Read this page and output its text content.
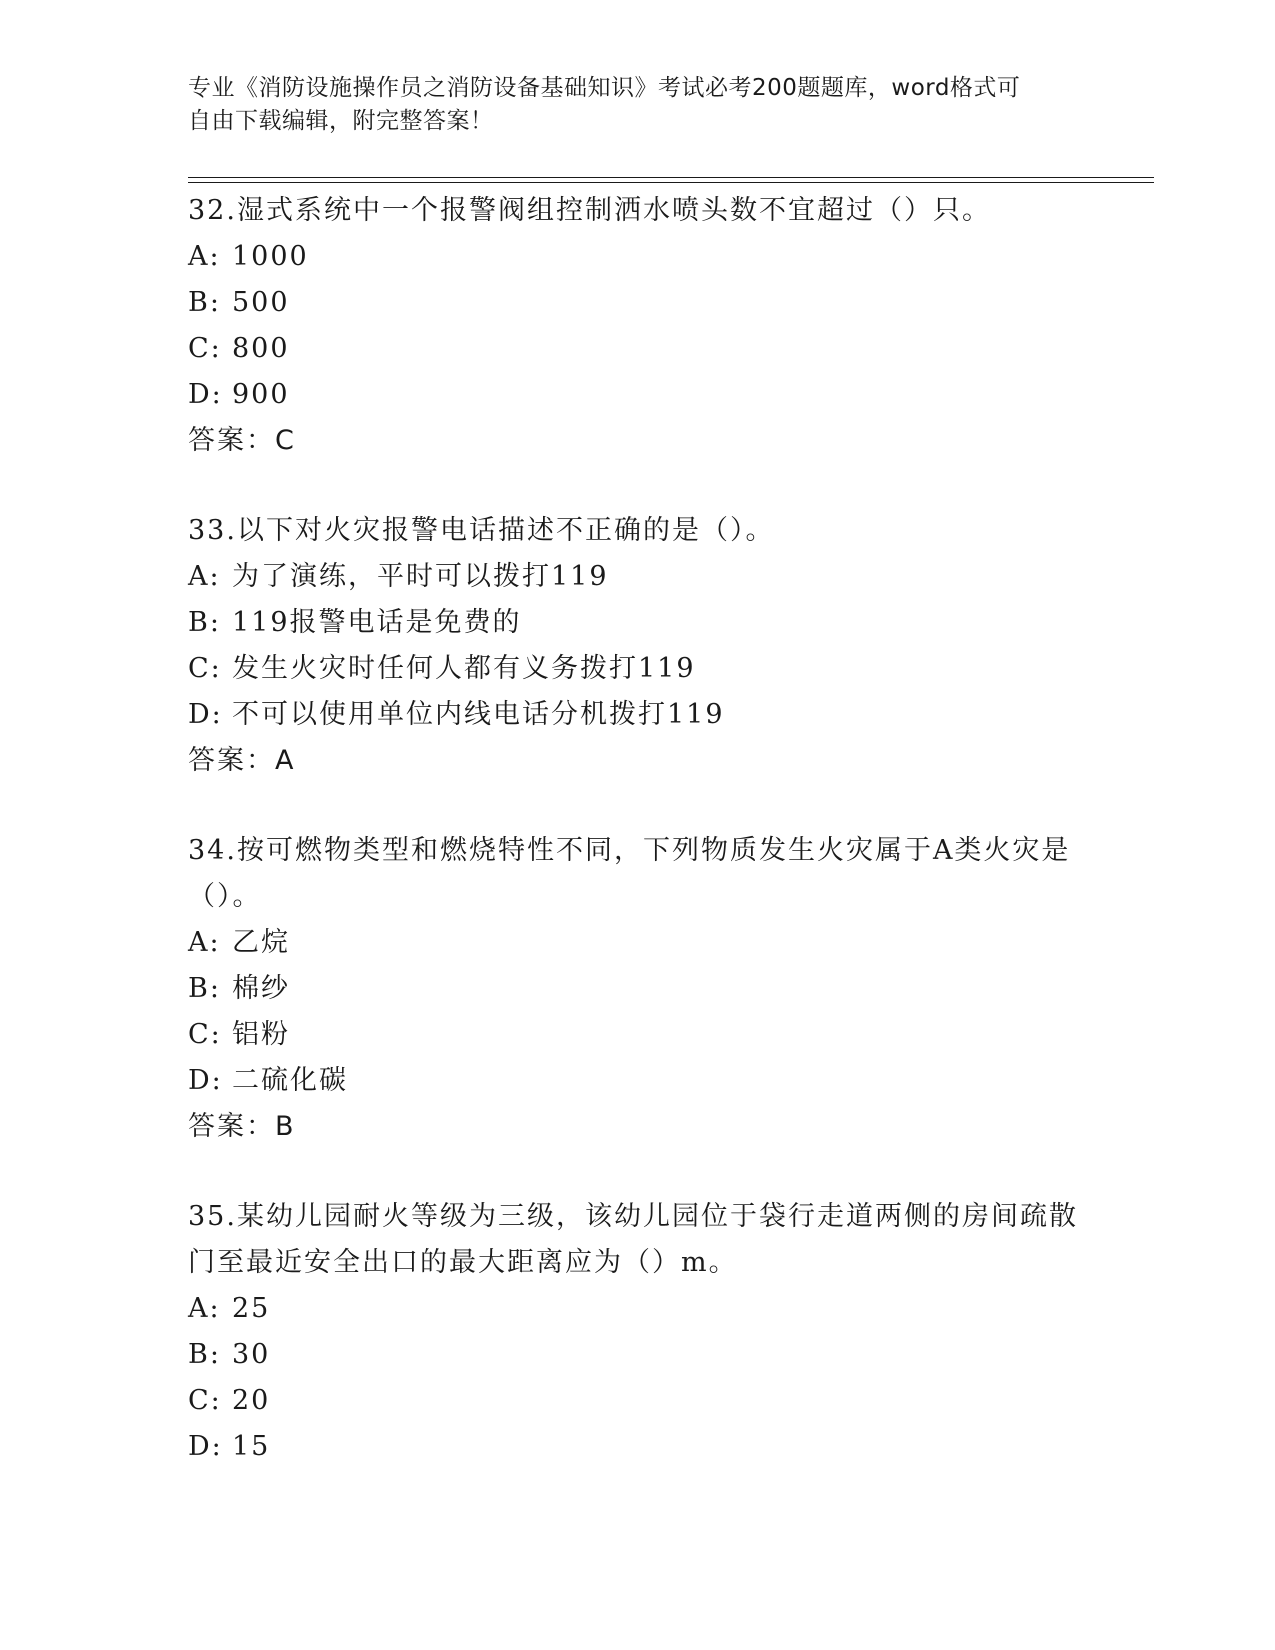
专业《消防设施操作员之消防设备基础知识》考试必考200题题库，word格式可

自由下载编辑，附完整答案！

32.湿式系统中一个报警阀组控制洒水喷头数不宜超过（）只。

A: 1000

B: 500

C: 800

D: 900

答案：C

33.以下对火灾报警电话描述不正确的是（）。

A: 为了演练，平时可以拨打119

B: 119报警电话是免费的

C: 发生火灾时任何人都有义务拨打119

D: 不可以使用单位内线电话分机拨打119

答案：A

34.按可燃物类型和燃烧特性不同，下列物质发生火灾属于A类火灾是（）。

A: 乙烷

B: 棉纱

C: 铝粉

D: 二硫化碳

答案：B

35.某幼儿园耐火等级为三级，该幼儿园位于袋行走道两侧的房间疏散门至最近安全出口的最大距离应为（）m。

A: 25

B: 30

C: 20

D: 15
